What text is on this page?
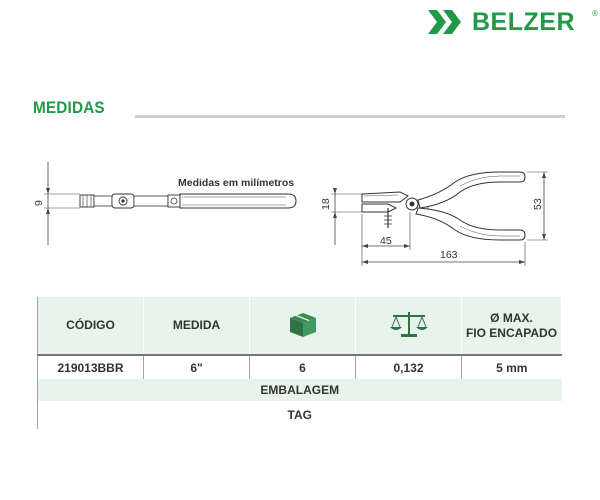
BELZER ®
MEDIDAS
9
Medidas em milímetros
18	53
45
163
CÓDIGO	MEDIDA			Ø MAX.
FIO ENCAPADO

219013BBR	6"	6	0,132	5 mm
EMBALAGEM				
TAG				
